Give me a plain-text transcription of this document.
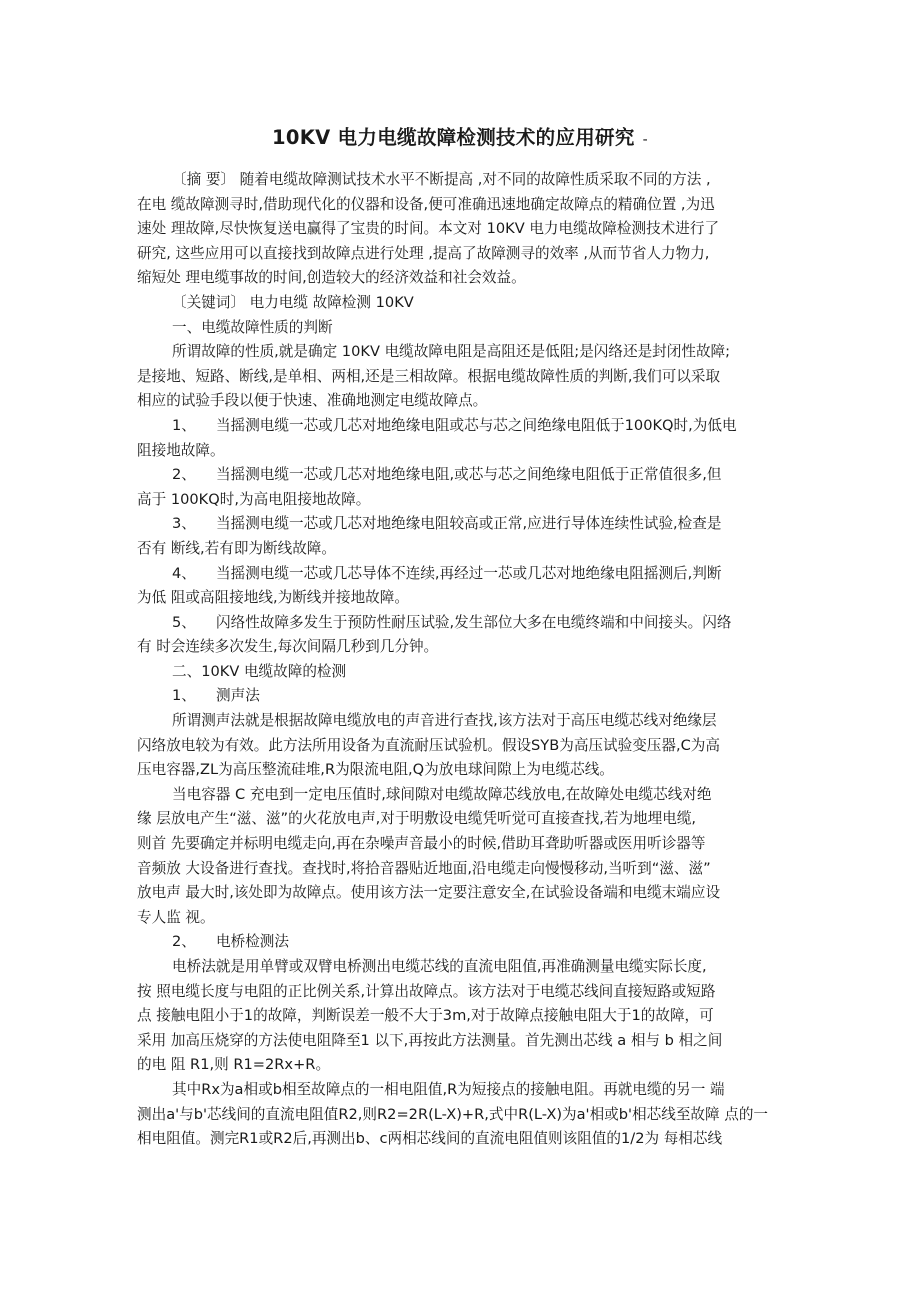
10KV 电力电缆故障检测技术的应用研究 -

〔摘 要〕 随着电缆故障测试技术水平不断提高 ,对不同的故障性质采取不同的方法 ,
在电 缆故障测寻时,借助现代化的仪器和设备,便可准确迅速地确定故障点的精确位置 ,为迅
速处 理故障,尽快恢复送电赢得了宝贵的时间。本文对 10KV 电力电缆故障检测技术进行了
研究, 这些应用可以直接找到故障点进行处理 ,提高了故障测寻的效率 ,从而节省人力物力,
缩短处 理电缆事故的时间,创造较大的经济效益和社会效益。

〔关键词〕 电力电缆 故障检测 10KV

一、电缆故障性质的判断

所谓故障的性质,就是确定 10KV 电缆故障电阻是高阻还是低阻;是闪络还是封闭性故障;
是接地、短路、断线,是单相、两相,还是三相故障。根据电缆故障性质的判断,我们可以采取
相应的试验手段以便于快速、准确地测定电缆故障点。

1、 当摇测电缆一芯或几芯对地绝缘电阻或芯与芯之间绝缘电阻低于100KQ时,为低电
阻接地故障。

2、 当摇测电缆一芯或几芯对地绝缘电阻,或芯与芯之间绝缘电阻低于正常值很多,但
高于 100KQ时,为高电阻接地故障。

3、 当摇测电缆一芯或几芯对地绝缘电阻较高或正常,应进行导体连续性试验,检查是
否有 断线,若有即为断线故障。

4、 当摇测电缆一芯或几芯导体不连续,再经过一芯或几芯对地绝缘电阻摇测后,判断
为低 阻或高阻接地线,为断线并接地故障。

5、 闪络性故障多发生于预防性耐压试验,发生部位大多在电缆终端和中间接头。闪络
有 时会连续多次发生,每次间隔几秒到几分钟。

二、10KV 电缆故障的检测

1、 测声法

所谓测声法就是根据故障电缆放电的声音进行查找,该方法对于高压电缆芯线对绝缘层
闪络放电较为有效。此方法所用设备为直流耐压试验机。假设SYB为高压试验变压器,C为高
压电容器,ZL为高压整流硅堆,R为限流电阻,Q为放电球间隙上为电缆芯线。

当电容器 C 充电到一定电压值时,球间隙对电缆故障芯线放电,在故障处电缆芯线对绝
缘 层放电产生“滋、滋”的火花放电声,对于明敷设电缆凭听觉可直接查找,若为地埋电缆,
则首 先要确定并标明电缆走向,再在杂噪声音最小的时候,借助耳聋助听器或医用听诊器等
音频放 大设备进行查找。查找时,将拾音器贴近地面,沿电缆走向慢慢移动,当听到“滋、滋”
放电声 最大时,该处即为故障点。使用该方法一定要注意安全,在试验设备端和电缆末端应设
专人监 视。

2、 电桥检测法

电桥法就是用单臂或双臂电桥测出电缆芯线的直流电阻值,再准确测量电缆实际长度,
按 照电缆长度与电阻的正比例关系,计算出故障点。该方法对于电缆芯线间直接短路或短路
点 接触电阻小于1的故障，判断误差一般不大于3m,对于故障点接触电阻大于1的故障，可
采用 加高压烧穿的方法使电阻降至1 以下,再按此方法测量。首先测出芯线 a 相与 b 相之间
的电 阻 R1,则 R1=2Rx+R。

其中Rx为a相或b相至故障点的一相电阻值,R为短接点的接触电阻。再就电缆的另一 端
测出a'与b'芯线间的直流电阻值R2,则R2=2R(L-X)+R,式中R(L-X)为a'相或b'相芯线至故障 点的一
相电阻值。测完R1或R2后,再测出b、c两相芯线间的直流电阻值则该阻值的1/2为 每相芯线
